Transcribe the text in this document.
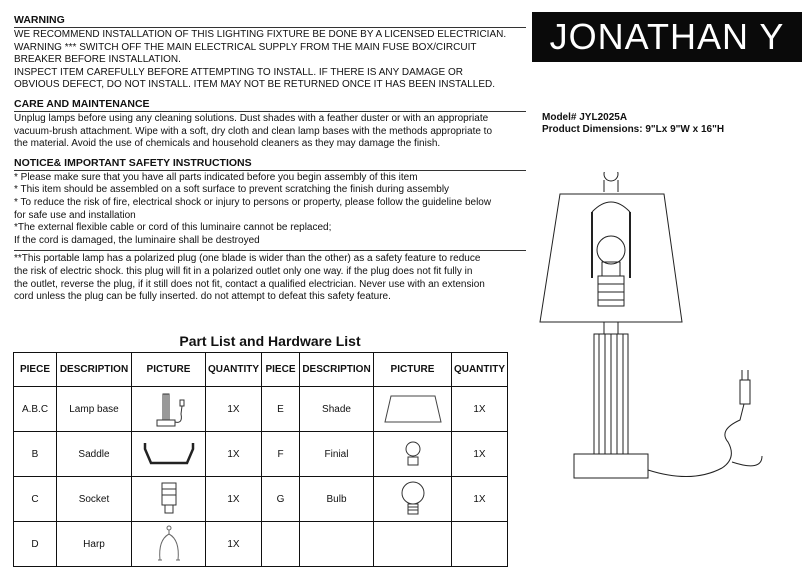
WARNING
WE RECOMMEND INSTALLATION OF THIS LIGHTING FIXTURE BE DONE BY A LICENSED ELECTRICIAN.
WARNING *** SWITCH OFF THE MAIN ELECTRICAL SUPPLY FROM THE MAIN FUSE BOX/CIRCUIT
BREAKER BEFORE INSTALLATION.
INSPECT ITEM CAREFULLY BEFORE ATTEMPTING TO INSTALL. IF THERE IS ANY DAMAGE OR
OBVIOUS DEFECT, DO NOT INSTALL. ITEM MAY NOT BE RETURNED ONCE IT HAS BEEN INSTALLED.
CARE AND MAINTENANCE
Unplug lamps before using any cleaning solutions. Dust shades with a feather duster or with an appropriate
vacuum-brush attachment. Wipe with a soft, dry cloth and clean lamp bases with the methods appropriate to
the material. Avoid the use of chemicals and household cleaners as they may damage the finish.
NOTICE& IMPORTANT SAFETY INSTRUCTIONS
* Please make sure that you have all parts indicated before you begin assembly of this item
* This item should be assembled on a soft surface to prevent scratching the finish during assembly
* To reduce the risk of fire, electrical shock or injury to persons or property, please follow the guideline below
for safe use and installation
*The external flexible cable or cord of this luminaire cannot be replaced;
If the cord is damaged, the luminaire shall be destroyed
**This portable lamp has a polarized plug (one blade is wider than the other) as a safety feature to reduce
the risk of electric shock. this plug will fit in a polarized outlet only one way. if the plug does not fit fully in
the outlet, reverse the plug, if it still does not fit, contact a qualified electrician. Never use with an extension
cord unless the plug can be fully inserted. do not attempt to defeat this safety feature.
JONATHAN Y
Model# JYL2025A
Product Dimensions: 9"Lx 9"W x 16"H
Part List and Hardware List
PIECE	DESCRIPTION	PICTURE	QUANTITY	PIECE	DESCRIPTION	PICTURE	QUANTITY
A.B.C	Lamp base		1X	E	Shade		1X
B	Saddle		1X	F	Finial		1X
C	Socket		1X	G	Bulb		1X
D	Harp		1X				
